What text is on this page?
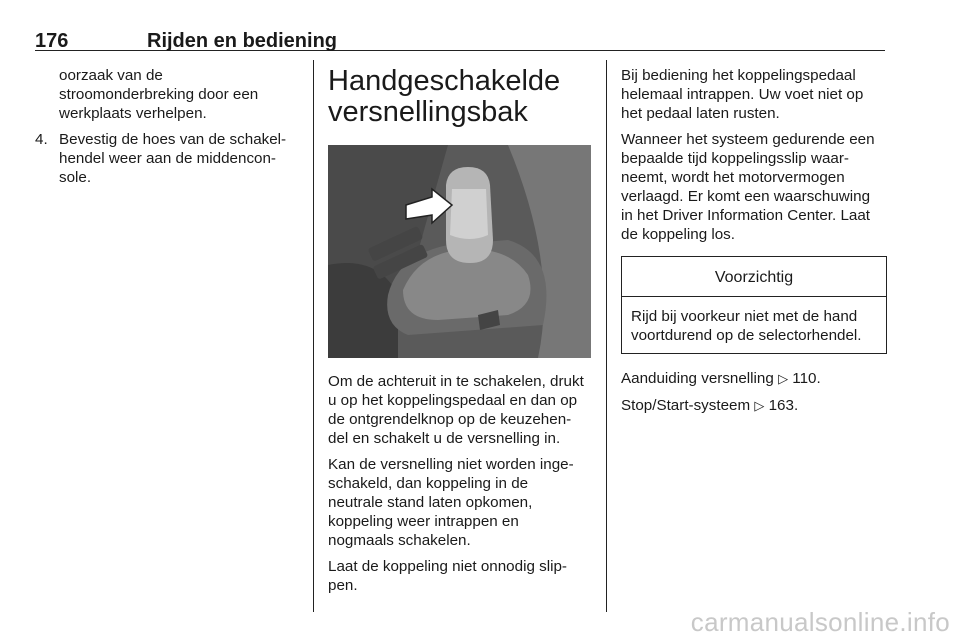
176	Rijden en bediening

oorzaak van de
stroomonderbreking door een
werkplaats verhelpen.

4. Bevestig de hoes van de schakel-
hendel weer aan de middencon-
sole.
Handgeschakelde
versnellingsbak

Om de achteruit in te schakelen, drukt
u op het koppelingspedaal en dan op
de ontgrendelknop op de keuzehen-
del en schakelt u de versnelling in.

Kan de versnelling niet worden inge-
schakeld, dan koppeling in de
neutrale stand laten opkomen,
koppeling weer intrappen en
nogmaals schakelen.

Laat de koppeling niet onnodig slip-
pen.

Bij bediening het koppelingspedaal
helemaal intrappen. Uw voet niet op
het pedaal laten rusten.

Wanneer het systeem gedurende een
bepaalde tijd koppelingsslip waar-
neemt, wordt het motorvermogen
verlaagd. Er komt een waarschuwing
in het Driver Information Center. Laat
de koppeling los.

Voorzichtig
Rijd bij voorkeur niet met de hand
voortdurend op de selectorhendel.

Aanduiding versnelling ▷ 110.

Stop/Start-systeem ▷ 163.

carmanualsonline.info
